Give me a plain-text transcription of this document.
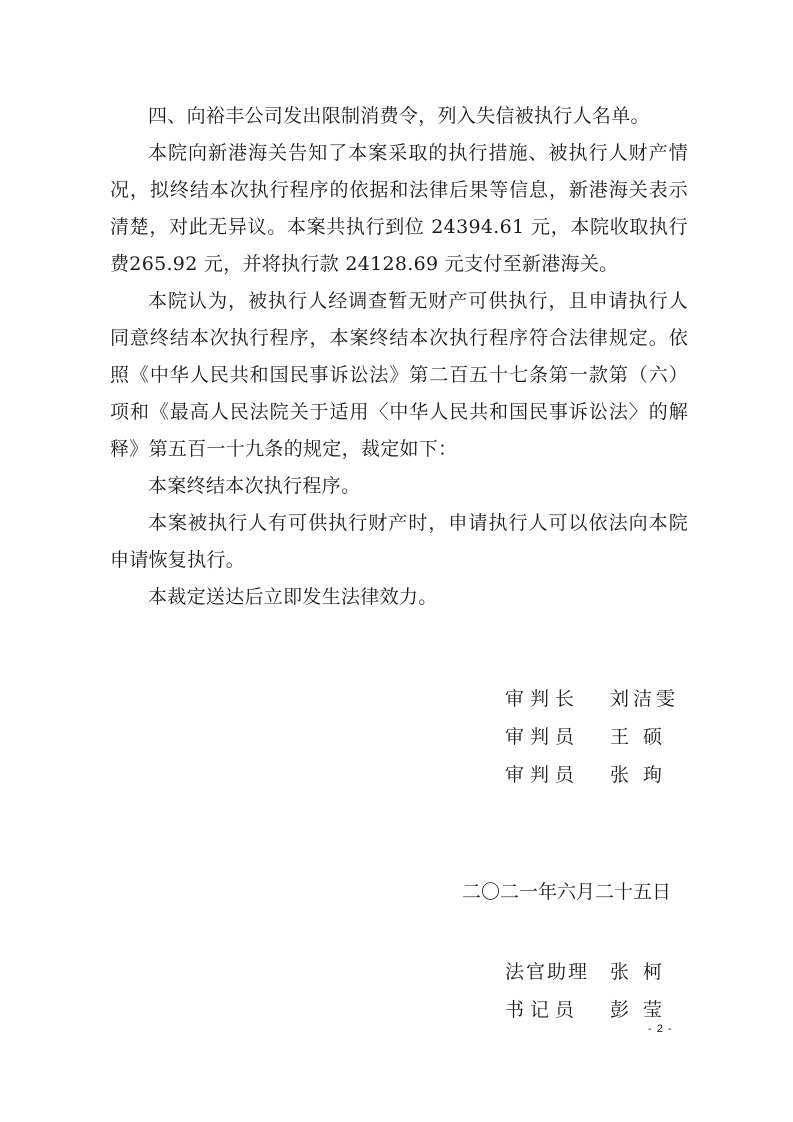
四、向裕丰公司发出限制消费令，列入失信被执行人名单。

本院向新港海关告知了本案采取的执行措施、被执行人财产情况，拟终结本次执行程序的依据和法律后果等信息，新港海关表示清楚，对此无异议。本案共执行到位 24394.61 元，本院收取执行费265.92 元，并将执行款 24128.69 元支付至新港海关。

本院认为，被执行人经调查暂无财产可供执行，且申请执行人同意终结本次执行程序，本案终结本次执行程序符合法律规定。依照《中华人民共和国民事诉讼法》第二百五十七条第一款第（六）项和《最高人民法院关于适用〈中华人民共和国民事诉讼法〉的解释》第五百一十九条的规定，裁定如下：

本案终结本次执行程序。

本案被执行人有可供执行财产时，申请执行人可以依法向本院申请恢复执行。

本裁定送达后立即发生法律效力。

审判长 刘洁雯
审判员 王 硕
审判员 张 珣
二〇二一年六月二十五日
法官助理 张 柯
书记员 彭 莹
- 2 -
